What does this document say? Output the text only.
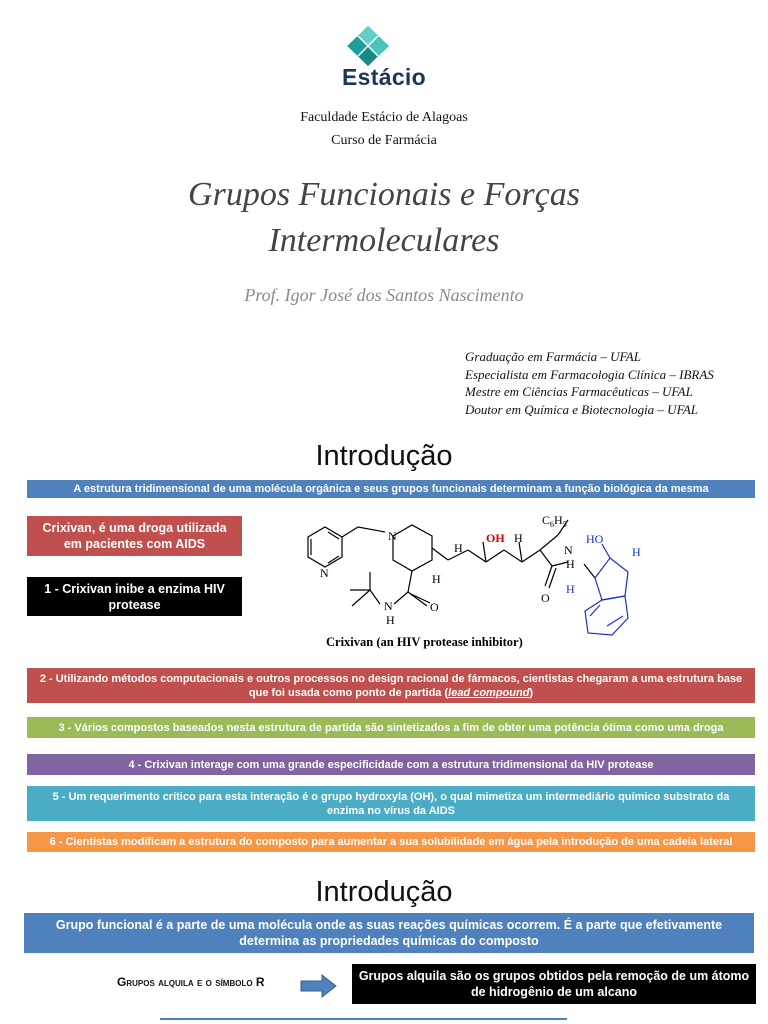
Estácio
Faculdade Estácio de Alagoas
Curso de Farmácia
Grupos Funcionais e Forças
Intermoleculares
Prof. Igor José dos Santos Nascimento
Graduação em Farmácia – UFAL
Especialista em Farmacologia Clínica – IBRAS
Mestre em Ciências Farmacêuticas – UFAL
Doutor em Química e Biotecnologia – UFAL
Introdução
A estrutura tridimensional de uma molécula orgânica e seus grupos funcionais determinam a função biológica da mesma
Crixivan, é uma droga utilizada em pacientes com AIDS
1 - Crixivan inibe a enzima HIV protease
N
N
H
H
OH H
$C_6H_5$
N
H
O
N
H
O
HO
H
H
Crixivan (an HIV protease inhibitor)
2 - Utilizando métodos computacionais e outros processos no design racional de fármacos, cientistas chegaram a uma estrutura base que foi usada como ponto de partida (lead compound)
3 - Vários compostos baseados nesta estrutura de partida são sintetizados a fim de obter uma potência ótima como uma droga
4 - Crixivan interage com uma grande especificidade com a estrutura tridimensional da HIV protease
5 - Um requerimento crítico para esta interação é o grupo hydroxyla (OH), o qual mimetiza um intermediário químico substrato da enzima no vírus da AIDS
6 - Cientistas modificam a estrutura do composto para aumentar a sua solubilidade em água pela introdução de uma cadeia lateral
Introdução
Grupo funcional é a parte de uma molécula onde as suas reações químicas ocorrem. É a parte que efetivamente determina as propriedades químicas do composto
Grupos alquila e o símbolo R	Grupos alquila são os grupos obtidos pela remoção de um átomo de hidrogênio de um alcano
